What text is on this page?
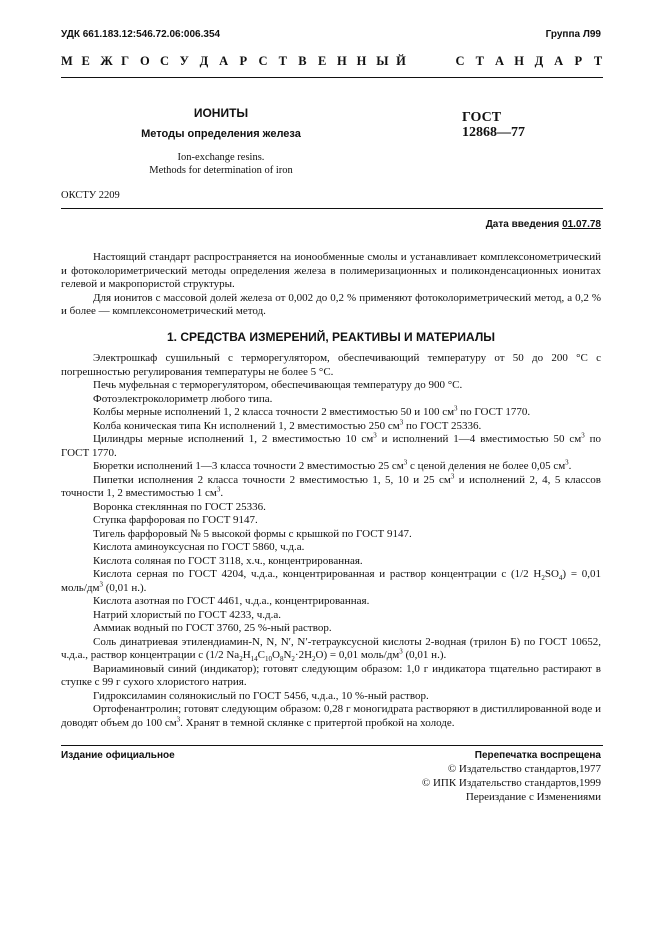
УДК 661.183.12:546.72.06:006.354	Группа Л99
М Е Ж Г О С У Д А Р С Т В Е Н Н Ы Й	С Т А Н Д А Р Т
ИОНИТЫ
Методы определения железа
Ion-exchange resins.
Methods for determination of iron
ГОСТ
12868—77
ОКСТУ 2209
Дата введения 01.07.78

Настоящий стандарт распространяется на ионообменные смолы и устанавливает комплексонометрический и фотоколориметрический методы определения железа в полимеризационных и поликонденсационных ионитах гелевой и макропористой структуры.

Для ионитов с массовой долей железа от 0,002 до 0,2 % применяют фотоколориметрический метод, а 0,2 % и более — комплексонометрический метод.

1. СРЕДСТВА ИЗМЕРЕНИЙ, РЕАКТИВЫ И МАТЕРИАЛЫ

Электрошкаф сушильный с терморегулятором, обеспечивающий температуру от 50 до 200 °С с погрешностью регулирования температуры не более 5 °С.

Печь муфельная с терморегулятором, обеспечивающая температуру до 900 °С.

Фотоэлектроколориметр любого типа.

Колбы мерные исполнений 1, 2 класса точности 2 вместимостью 50 и 100 $см^3$ по ГОСТ 1770.

Колба коническая типа Кн исполнений 1, 2 вместимостью 250 $см^3$ по ГОСТ 25336.

Цилиндры мерные исполнений 1, 2 вместимостью 10 $см^3$ и исполнений 1—4 вместимостью 50 $см^3$ по ГОСТ 1770.

Бюретки исполнений 1—3 класса точности 2 вместимостью 25 $см^3$ с ценой деления не более 0,05 $см^3$.

Пипетки исполнения 2 класса точности 2 вместимостью 1, 5, 10 и 25 $см^3$ и исполнений 2, 4, 5 классов точности 1, 2 вместимостью 1 $см^3$.

Воронка стеклянная по ГОСТ 25336.

Ступка фарфоровая по ГОСТ 9147.

Тигель фарфоровый № 5 высокой формы с крышкой по ГОСТ 9147.

Кислота аминоуксусная по ГОСТ 5860, ч.д.а.

Кислота соляная по ГОСТ 3118, х.ч., концентрированная.

Кислота серная по ГОСТ 4204, ч.д.а., концентрированная и раствор концентрации с (1/2 $H_2SO_4) = 0,01$ моль/$дм^3$ (0,01 н.).

Кислота азотная по ГОСТ 4461, ч.д.а., концентрированная.

Натрий хлористый по ГОСТ 4233, ч.д.а.

Аммиак водный по ГОСТ 3760, 25 %-ный раствор.

Соль динатриевая этилендиамин-N, N, N′, N′-тетрауксусной кислоты 2-водная (трилон Б) по ГОСТ 10652, ч.д.а., раствор концентрации с (1/2 $Na_2H_{14}C_{10}O_8N_2\cdot 2H_2O) = 0,01$ моль/$дм^3$ (0,01 н.).

Вариаминовый синий (индикатор); готовят следующим образом: 1,0 г индикатора тщательно растирают в ступке с 99 г сухого хлористого натрия.

Гидроксиламин солянокислый по ГОСТ 5456, ч.д.а., 10 %-ный раствор.

Ортофенантролин; готовят следующим образом: 0,28 г моногидрата растворяют в дистиллированной воде и доводят объем до 100 $см^3$. Хранят в темной склянке с притертой пробкой на холоде.

Издание официальное	Перепечатка воспрещена
© Издательство стандартов,1977
© ИПК Издательство стандартов,1999
Переиздание с Изменениями
